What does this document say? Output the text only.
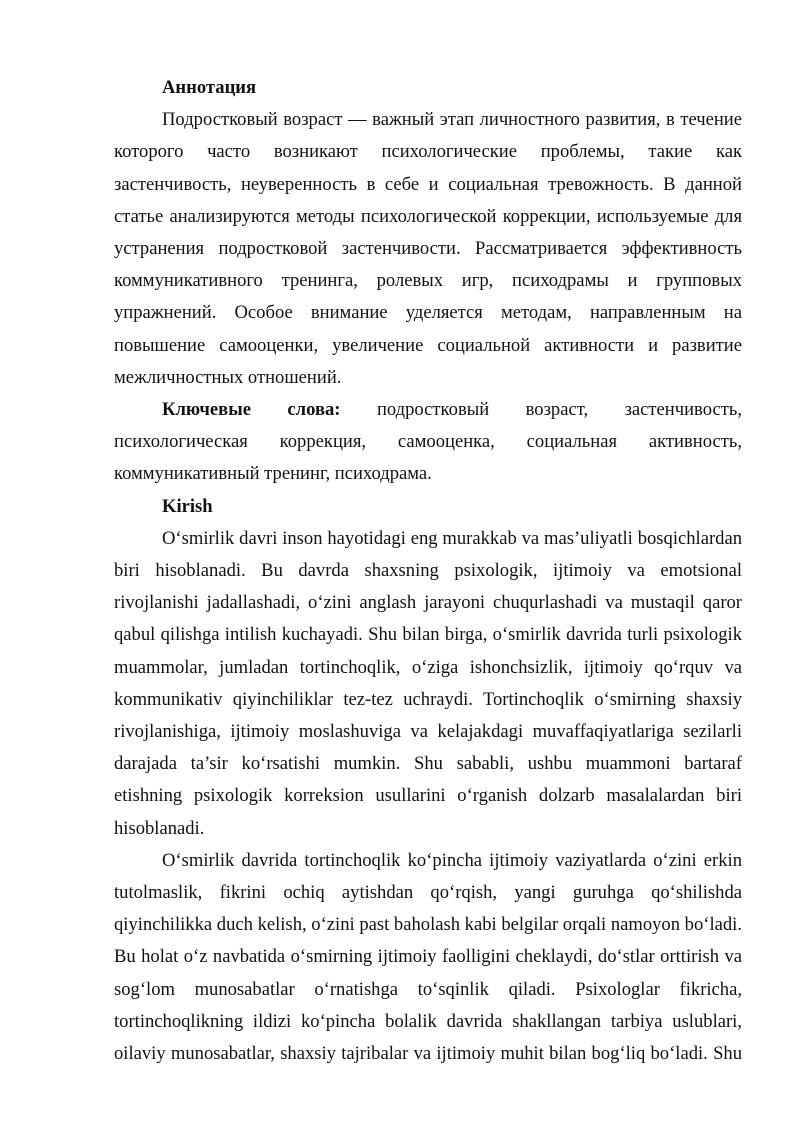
Аннотация

Подростковый возраст — важный этап личностного развития, в течение которого часто возникают психологические проблемы, такие как застенчивость, неуверенность в себе и социальная тревожность. В данной статье анализируются методы психологической коррекции, используемые для устранения подростковой застенчивости. Рассматривается эффективность коммуникативного тренинга, ролевых игр, психодрамы и групповых упражнений. Особое внимание уделяется методам, направленным на повышение самооценки, увеличение социальной активности и развитие межличностных отношений.

Ключевые слова: подростковый возраст, застенчивость, психологическая коррекция, самооценка, социальная активность, коммуникативный тренинг, психодрама.

Kirish

O‘smirlik davri inson hayotidagi eng murakkab va mas’uliyatli bosqichlardan biri hisoblanadi. Bu davrda shaxsning psixologik, ijtimoiy va emotsional rivojlanishi jadallashadi, o‘zini anglash jarayoni chuqurlashadi va mustaqil qaror qabul qilishga intilish kuchayadi. Shu bilan birga, o‘smirlik davrida turli psixologik muammolar, jumladan tortinchoqlik, o‘ziga ishonchsizlik, ijtimoiy qo‘rquv va kommunikativ qiyinchiliklar tez-tez uchraydi. Tortinchoqlik o‘smirning shaxsiy rivojlanishiga, ijtimoiy moslashuviga va kelajakdagi muvaffaqiyatlariga sezilarli darajada ta’sir ko‘rsatishi mumkin. Shu sababli, ushbu muammoni bartaraf etishning psixologik korreksion usullarini o‘rganish dolzarb masalalardan biri hisoblanadi.

O‘smirlik davrida tortinchoqlik ko‘pincha ijtimoiy vaziyatlarda o‘zini erkin tutolmaslik, fikrini ochiq aytishdan qo‘rqish, yangi guruhga qo‘shilishda qiyinchilikka duch kelish, o‘zini past baholash kabi belgilar orqali namoyon bo‘ladi. Bu holat o‘z navbatida o‘smirning ijtimoiy faolligini cheklaydi, do‘stlar orttirish va sog‘lom munosabatlar o‘rnatishga to‘sqinlik qiladi. Psixologlar fikricha, tortinchoqlikning ildizi ko‘pincha bolalik davrida shakllangan tarbiya uslublari, oilaviy munosabatlar, shaxsiy tajribalar va ijtimoiy muhit bilan bog‘liq bo‘ladi. Shu
